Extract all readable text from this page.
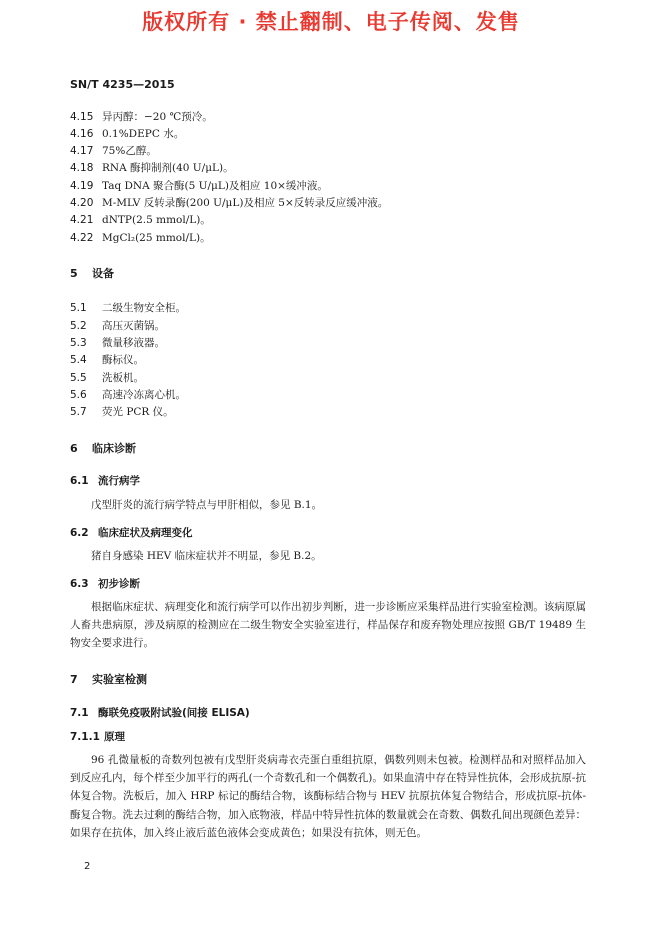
版权所有 · 禁止翻制、电子传阅、发售
SN/T 4235—2015
4.15 异丙醇：−20 ℃预冷。
4.16 0.1%DEPC 水。
4.17 75%乙醇。
4.18 RNA 酶抑制剂(40 U/μL)。
4.19 Taq DNA 聚合酶(5 U/μL)及相应 10×缓冲液。
4.20 M-MLV 反转录酶(200 U/μL)及相应 5×反转录反应缓冲液。
4.21 dNTP(2.5 mmol/L)。
4.22 MgCl₂(25 mmol/L)。
5 设备
5.1 二级生物安全柜。
5.2 高压灭菌锅。
5.3 微量移液器。
5.4 酶标仪。
5.5 洗板机。
5.6 高速冷冻离心机。
5.7 荧光 PCR 仪。
6 临床诊断
6.1 流行病学
戊型肝炎的流行病学特点与甲肝相似，参见 B.1。
6.2 临床症状及病理变化
猪自身感染 HEV 临床症状并不明显，参见 B.2。
6.3 初步诊断
根据临床症状、病理变化和流行病学可以作出初步判断，进一步诊断应采集样品进行实验室检测。该病原属人畜共患病原，涉及病原的检测应在二级生物安全实验室进行，样品保存和废弃物处理应按照 GB/T 19489 生物安全要求进行。
7 实验室检测
7.1 酶联免疫吸附试验(间接 ELISA)
7.1.1 原理
96 孔微量板的奇数列包被有戊型肝炎病毒衣壳蛋白重组抗原，偶数列则未包被。检测样品和对照样品加入到反应孔内，每个样至少加平行的两孔(一个奇数孔和一个偶数孔)。如果血清中存在特异性抗体，会形成抗原-抗体复合物。洗板后，加入 HRP 标记的酶结合物，该酶标结合物与 HEV 抗原抗体复合物结合，形成抗原-抗体-酶复合物。洗去过剩的酶结合物，加入底物液，样品中特异性抗体的数量就会在奇数、偶数孔间出现颜色差异：如果存在抗体，加入终止液后蓝色液体会变成黄色；如果没有抗体，则无色。
2
